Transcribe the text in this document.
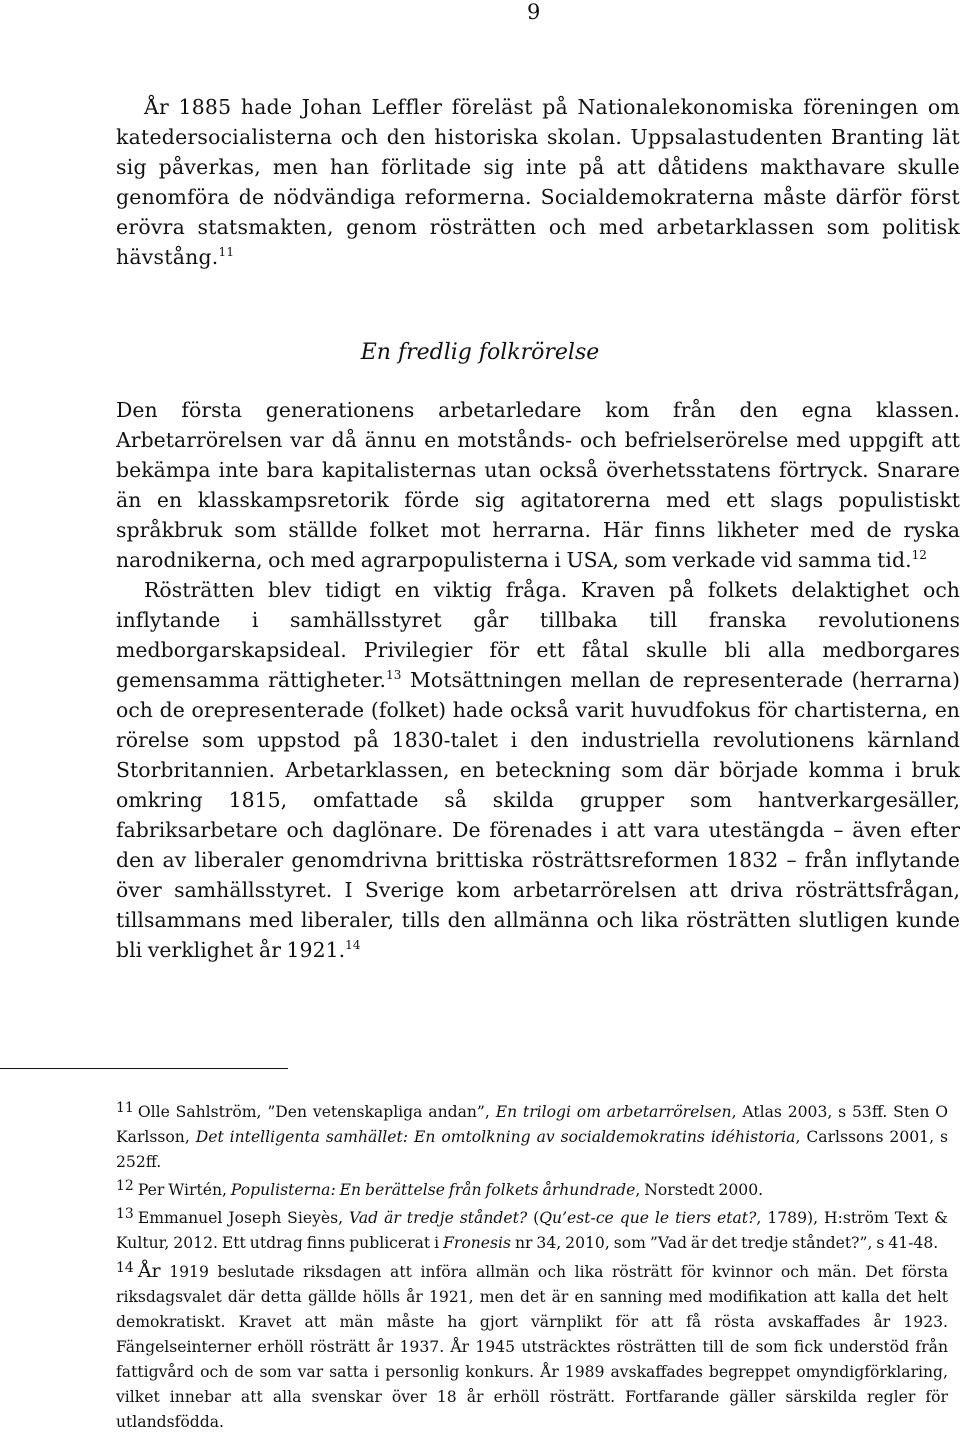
9

År 1885 hade Johan Leffler föreläst på Nationalekonomiska föreningen om katedersocialisterna och den historiska skolan. Uppsalastudenten Branting lät sig påverkas, men han förlitade sig inte på att dåtidens makthavare skulle genomföra de nödvändiga reformerna. Socialdemokraterna måste därför först erövra statsmakten, genom rösträtten och med arbetarklassen som politisk hävstång.$^{11}$

En fredlig folkrörelse

Den första generationens arbetarledare kom från den egna klassen. Arbetarrörelsen var då ännu en motstånds- och befrielserörelse med uppgift att bekämpa inte bara kapitalisternas utan också överhetsstatens förtryck. Snarare än en klasskampsretorik förde sig agitatorerna med ett slags populistiskt språkbruk som ställde folket mot herrarna. Här finns likheter med de ryska narodnikerna, och med agrarpopulisterna i USA, som verkade vid samma tid.$^{12}$

Rösträtten blev tidigt en viktig fråga. Kraven på folkets delaktighet och inflytande i samhällsstyret går tillbaka till franska revolutionens medborgarskapsideal. Privilegier för ett fåtal skulle bli alla medborgares gemensamma rättigheter.$^{13}$ Motsättningen mellan de representerade (herrarna) och de orepresenterade (folket) hade också varit huvudfokus för chartisterna, en rörelse som uppstod på 1830-talet i den industriella revolutionens kärnland Storbritannien. Arbetarklassen, en beteckning som där började komma i bruk omkring 1815, omfattade så skilda grupper som hantverkargesäller, fabriksarbetare och daglönare. De förenades i att vara utestängda – även efter den av liberaler genomdrivna brittiska rösträttsreformen 1832 – från inflytande över samhällsstyret. I Sverige kom arbetarrörelsen att driva rösträttsfrågan, tillsammans med liberaler, tills den allmänna och lika rösträtten slutligen kunde bli verklighet år 1921.14

$^{11}$ Olle Sahlström, ”Den vetenskapliga andan”, En trilogi om arbetarrörelsen, Atlas 2003, s 53ff. Sten O Karlsson, Det intelligenta samhället: En omtolkning av socialdemokratins idéhistoria, Carlssons 2001, s 252ff.

$^{12}$ Per Wirtén, Populisterna: En berättelse från folkets århundrade, Norstedt 2000.

$^{13}$ Emmanuel Joseph Sieyès, Vad är tredje ståndet? (Qu’est-ce que le tiers etat?, 1789), H:ström Text & Kultur, 2012. Ett utdrag finns publicerat i Fronesis nr 34, 2010, som ”Vad är det tredje ståndet?”, s 41-48.

$^{14}$ År 1919 beslutade riksdagen att införa allmän och lika rösträtt för kvinnor och män. Det första riksdagsvalet där detta gällde hölls år 1921, men det är en sanning med modifikation att kalla det helt demokratiskt. Kravet att män måste ha gjort värnplikt för att få rösta avskaffades år 1923. Fängelseinterner erhöll rösträtt år 1937. År 1945 utsträcktes rösträtten till de som fick understöd från fattigvård och de som var satta i personlig konkurs. År 1989 avskaffades begreppet omyndigförklaring, vilket innebar att alla svenskar över 18 år erhöll rösträtt. Fortfarande gäller särskilda regler för utlandsfödda.
